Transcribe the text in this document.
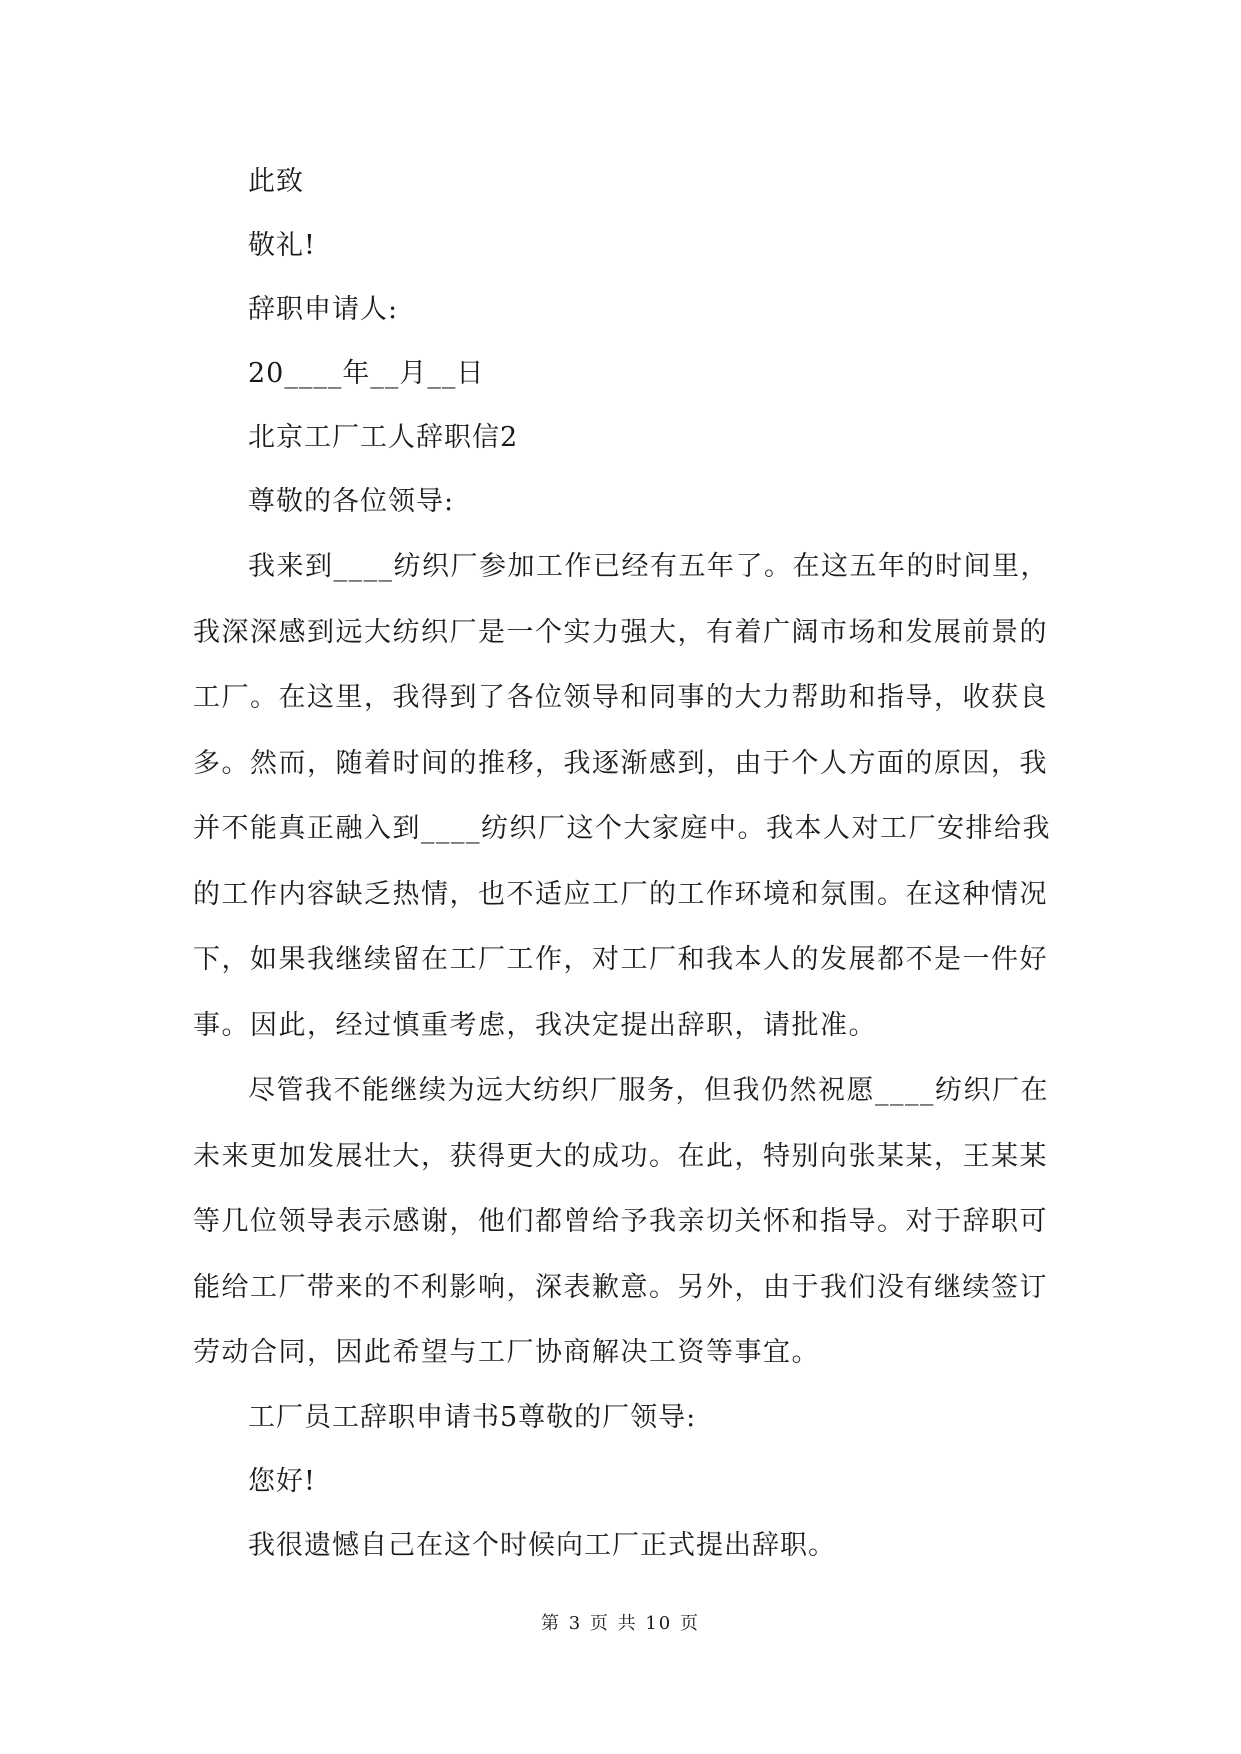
此致
敬礼!
辞职申请人:
20____年__月__日
北京工厂工人辞职信2
尊敬的各位领导:
我来到____纺织厂参加工作已经有五年了。在这五年的时间里，
我深深感到远大纺织厂是一个实力强大，有着广阔市场和发展前景的
工厂。在这里，我得到了各位领导和同事的大力帮助和指导，收获良
多。然而，随着时间的推移，我逐渐感到，由于个人方面的原因，我
并不能真正融入到____纺织厂这个大家庭中。我本人对工厂安排给我
的工作内容缺乏热情，也不适应工厂的工作环境和氛围。在这种情况
下，如果我继续留在工厂工作，对工厂和我本人的发展都不是一件好
事。因此，经过慎重考虑，我决定提出辞职，请批准。
尽管我不能继续为远大纺织厂服务，但我仍然祝愿____纺织厂在
未来更加发展壮大，获得更大的成功。在此，特别向张某某，王某某
等几位领导表示感谢，他们都曾给予我亲切关怀和指导。对于辞职可
能给工厂带来的不利影响，深表歉意。另外，由于我们没有继续签订
劳动合同，因此希望与工厂协商解决工资等事宜。
工厂员工辞职申请书5尊敬的厂领导:
您好!
我很遗憾自己在这个时候向工厂正式提出辞职。
第 3 页 共 10 页
